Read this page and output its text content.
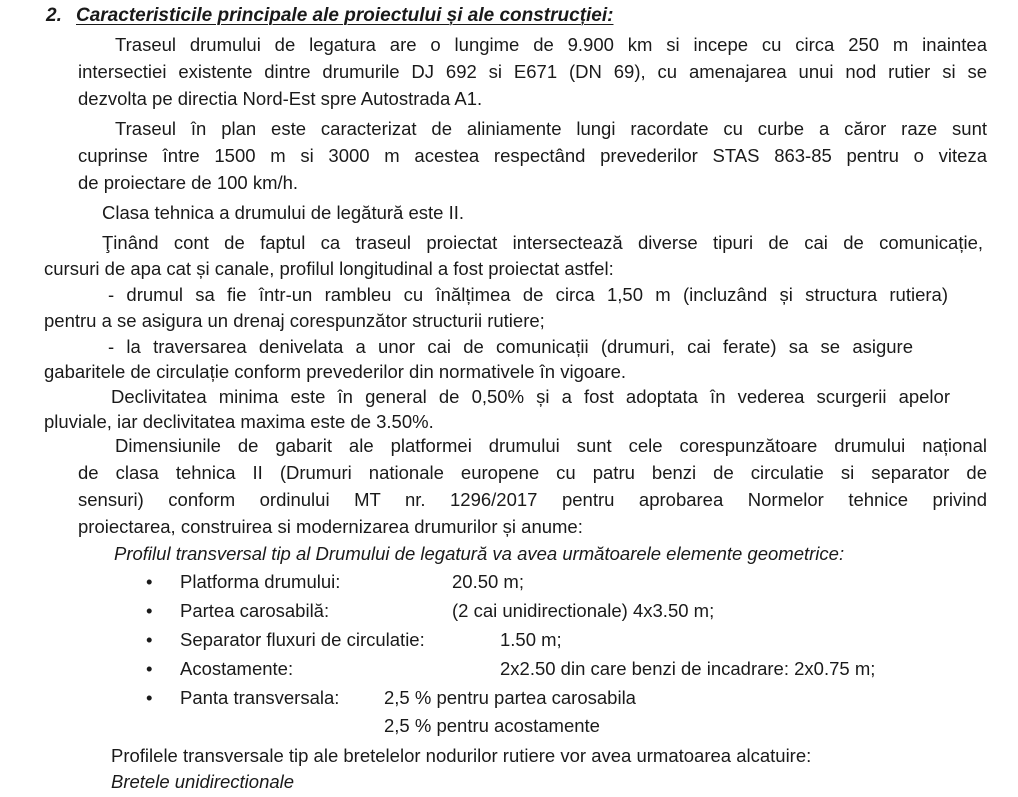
2. Caracteristicile principale ale proiectului și ale construcției:
Traseul drumului de legatura are o lungime de 9.900 km si incepe cu circa 250 m inaintea
intersectiei existente dintre drumurile DJ 692 si E671 (DN 69), cu amenajarea unui nod rutier si se
dezvolta pe directia Nord-Est spre Autostrada A1.
Traseul în plan este caracterizat de aliniamente lungi racordate cu curbe a căror raze sunt
cuprinse între 1500 m si 3000 m acestea respectând prevederilor STAS 863-85 pentru o viteza
de proiectare de 100 km/h.
Clasa tehnica a drumului de legătură este II.
Ţinând cont de faptul ca traseul proiectat intersectează diverse tipuri de cai de comunicație,
cursuri de apa cat și canale, profilul longitudinal a fost proiectat astfel:
- drumul sa fie într-un rambleu cu înălțimea de circa 1,50 m (incluzând și structura rutiera)
pentru a se asigura un drenaj corespunzător structurii rutiere;
- la traversarea denivelata a unor cai de comunicații (drumuri, cai ferate) sa se asigure
gabaritele de circulație conform prevederilor din normativele în vigoare.
Declivitatea minima este în general de 0,50% și a fost adoptata în vederea scurgerii apelor
pluviale, iar declivitatea maxima este de 3.50%.
Dimensiunile de gabarit ale platformei drumului sunt cele corespunzătoare drumului național
de clasa tehnica II (Drumuri nationale europene cu patru benzi de circulatie si separator de
sensuri) conform ordinului MT nr. 1296/2017 pentru aprobarea Normelor tehnice privind
proiectarea, construirea si modernizarea drumurilor și anume:
Profilul transversal tip al Drumului de legatură va avea următoarele elemente geometrice:
• Platforma drumului:	20.50 m;
• Partea carosabilă:	(2 cai unidirectionale) 4x3.50 m;
• Separator fluxuri de circulatie:	1.50 m;
• Acostamente:	2x2.50 din care benzi de incadrare: 2x0.75 m;
• Panta transversala: 2,5 % pentru partea carosabila
2,5 % pentru acostamente
Profilele transversale tip ale bretelelor nodurilor rutiere vor avea urmatoarea alcatuire:
Bretele unidirectionale
